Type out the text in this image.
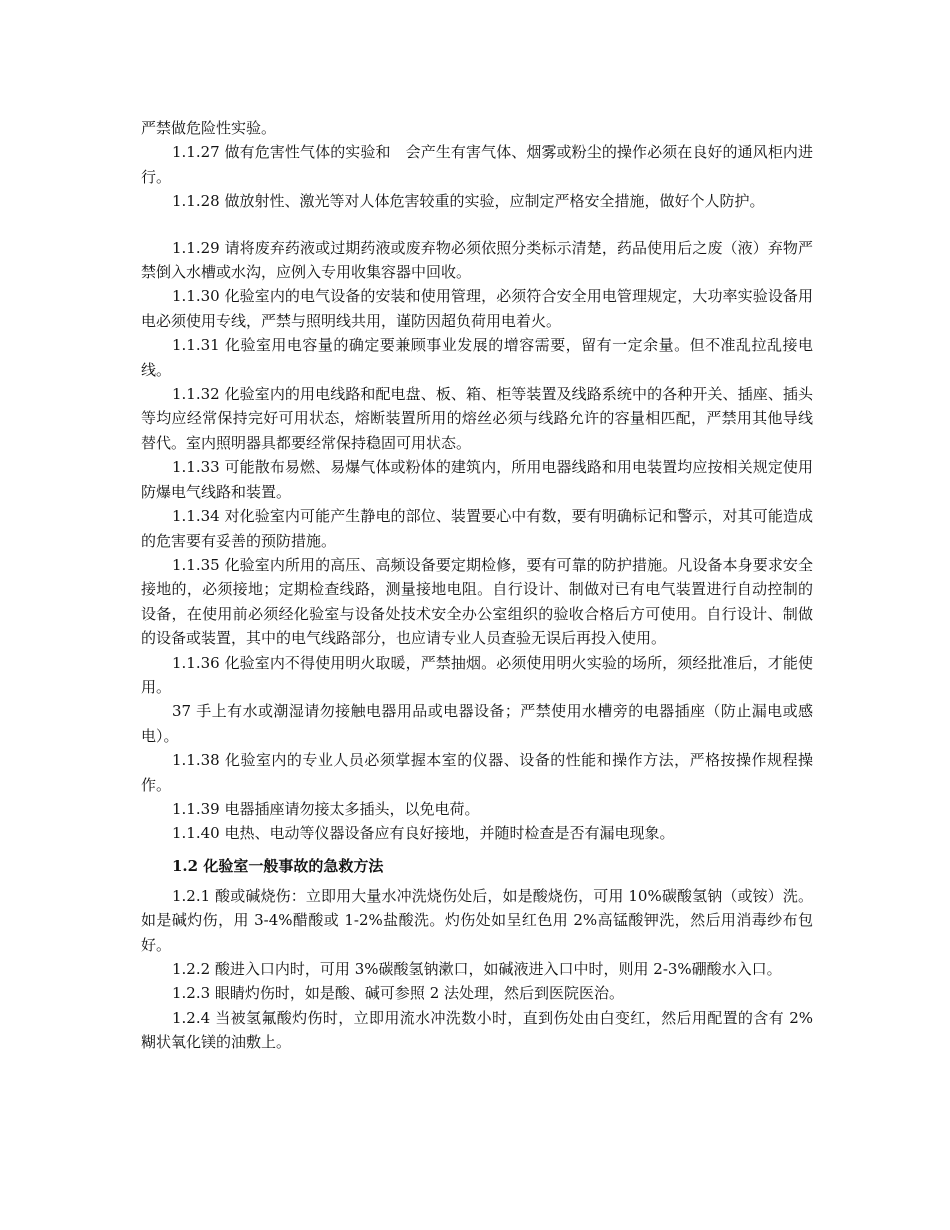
严禁做危险性实验。

1.1.27 做有危害性气体的实验和　会产生有害气体、烟雾或粉尘的操作必须在良好的通风柜内进行。

1.1.28 做放射性、激光等对人体危害较重的实验，应制定严格安全措施，做好个人防护。

1.1.29 请将废弃药液或过期药液或废弃物必须依照分类标示清楚，药品使用后之废（液）弃物严禁倒入水槽或水沟，应例入专用收集容器中回收。

1.1.30 化验室内的电气设备的安装和使用管理，必须符合安全用电管理规定，大功率实验设备用电必须使用专线，严禁与照明线共用，谨防因超负荷用电着火。

1.1.31 化验室用电容量的确定要兼顾事业发展的增容需要，留有一定余量。但不准乱拉乱接电线。

1.1.32 化验室内的用电线路和配电盘、板、箱、柜等装置及线路系统中的各种开关、插座、插头等均应经常保持完好可用状态，熔断装置所用的熔丝必须与线路允许的容量相匹配，严禁用其他导线替代。室内照明器具都要经常保持稳固可用状态。

1.1.33 可能散布易燃、易爆气体或粉体的建筑内，所用电器线路和用电装置均应按相关规定使用防爆电气线路和装置。

1.1.34 对化验室内可能产生静电的部位、装置要心中有数，要有明确标记和警示，对其可能造成的危害要有妥善的预防措施。

1.1.35 化验室内所用的高压、高频设备要定期检修，要有可靠的防护措施。凡设备本身要求安全接地的，必须接地；定期检查线路，测量接地电阻。自行设计、制做对已有电气装置进行自动控制的设备，在使用前必须经化验室与设备处技术安全办公室组织的验收合格后方可使用。自行设计、制做的设备或装置，其中的电气线路部分，也应请专业人员查验无误后再投入使用。

1.1.36 化验室内不得使用明火取暖，严禁抽烟。必须使用明火实验的场所，须经批准后，才能使用。

37 手上有水或潮湿请勿接触电器用品或电器设备；严禁使用水槽旁的电器插座（防止漏电或感电）。

1.1.38 化验室内的专业人员必须掌握本室的仪器、设备的性能和操作方法，严格按操作规程操作。

1.1.39 电器插座请勿接太多插头，以免电荷。

1.1.40 电热、电动等仪器设备应有良好接地，并随时检查是否有漏电现象。

1.2 化验室一般事故的急救方法

1.2.1 酸或碱烧伤：立即用大量水冲洗烧伤处后，如是酸烧伤，可用 10%碳酸氢钠（或铵）洗。如是碱灼伤，用 3-4%醋酸或 1-2%盐酸洗。灼伤处如呈红色用 2%高锰酸钾洗，然后用消毒纱布包好。

1.2.2 酸进入口内时，可用 3%碳酸氢钠漱口，如碱液进入口中时，则用 2-3%硼酸水入口。

1.2.3 眼睛灼伤时，如是酸、碱可参照 2 法处理，然后到医院医治。

1.2.4 当被氢氟酸灼伤时，立即用流水冲洗数小时，直到伤处由白变红，然后用配置的含有 2%糊状氧化镁的油敷上。
